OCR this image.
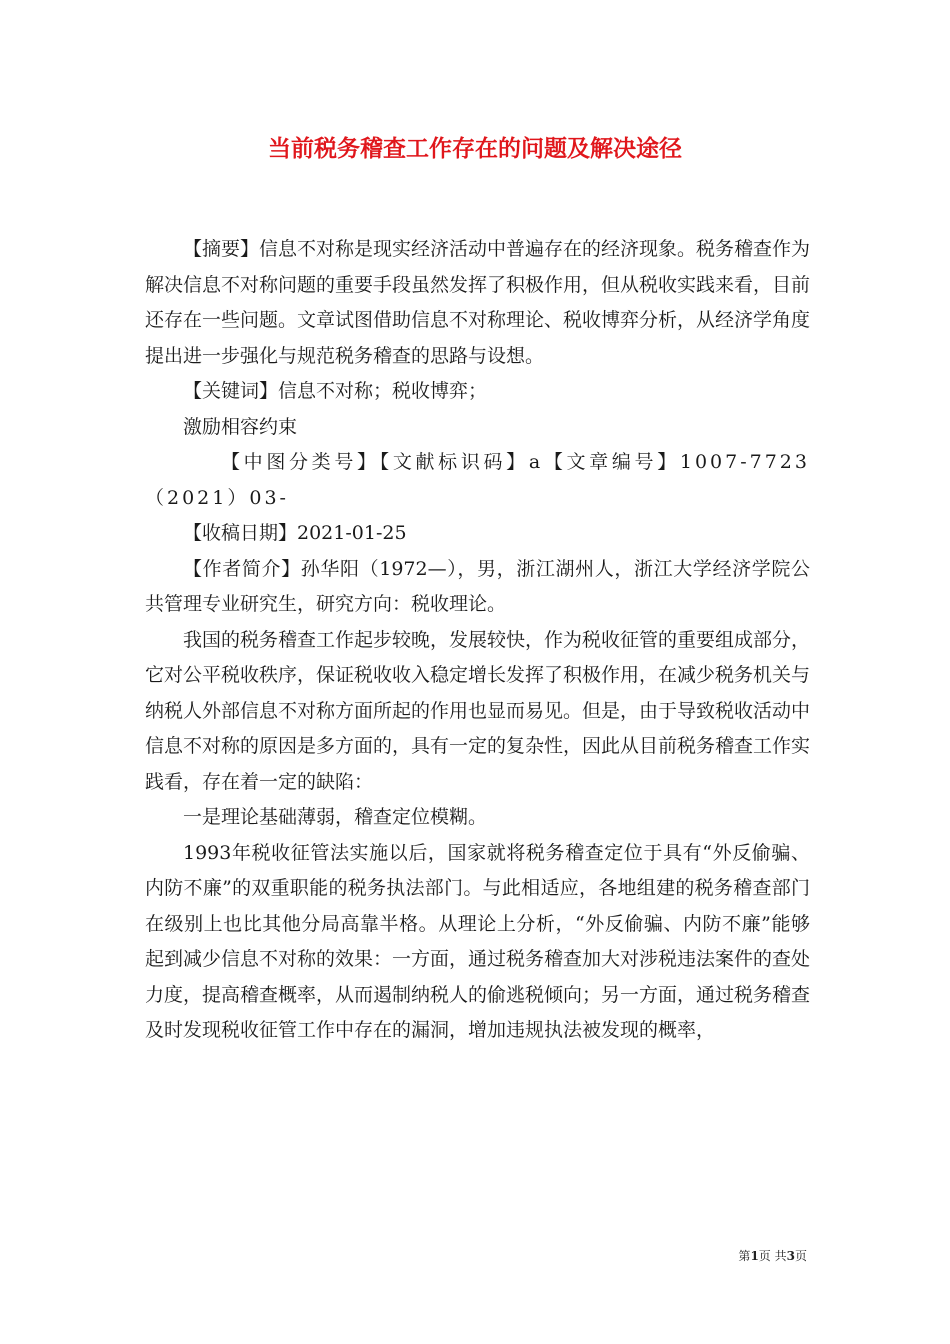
当前税务稽查工作存在的问题及解决途径

【摘要】信息不对称是现实经济活动中普遍存在的经济现象。税务稽查作为解决信息不对称问题的重要手段虽然发挥了积极作用，但从税收实践来看，目前还存在一些问题。文章试图借助信息不对称理论、税收博弈分析，从经济学角度提出进一步强化与规范税务稽查的思路与设想。

【关键词】信息不对称；税收博弈；

激励相容约束

【中图分类号】【文献标识码】a【文章编号】1007-7723（2021）03-

【收稿日期】2021-01-25

【作者简介】孙华阳（1972—），男，浙江湖州人，浙江大学经济学院公共管理专业研究生，研究方向：税收理论。

我国的税务稽查工作起步较晚，发展较快，作为税收征管的重要组成部分，它对公平税收秩序，保证税收收入稳定增长发挥了积极作用，在减少税务机关与纳税人外部信息不对称方面所起的作用也显而易见。但是，由于导致税收活动中信息不对称的原因是多方面的，具有一定的复杂性，因此从目前税务稽查工作实践看，存在着一定的缺陷：

一是理论基础薄弱，稽查定位模糊。

1993年税收征管法实施以后，国家就将税务稽查定位于具有“外反偷骗、内防不廉”的双重职能的税务执法部门。与此相适应，各地组建的税务稽查部门在级别上也比其他分局高靠半格。从理论上分析，“外反偷骗、内防不廉”能够起到减少信息不对称的效果：一方面，通过税务稽查加大对涉税违法案件的查处力度，提高稽查概率，从而遏制纳税人的偷逃税倾向；另一方面，通过税务稽查及时发现税收征管工作中存在的漏洞，增加违规执法被发现的概率，

第1页 共3页
